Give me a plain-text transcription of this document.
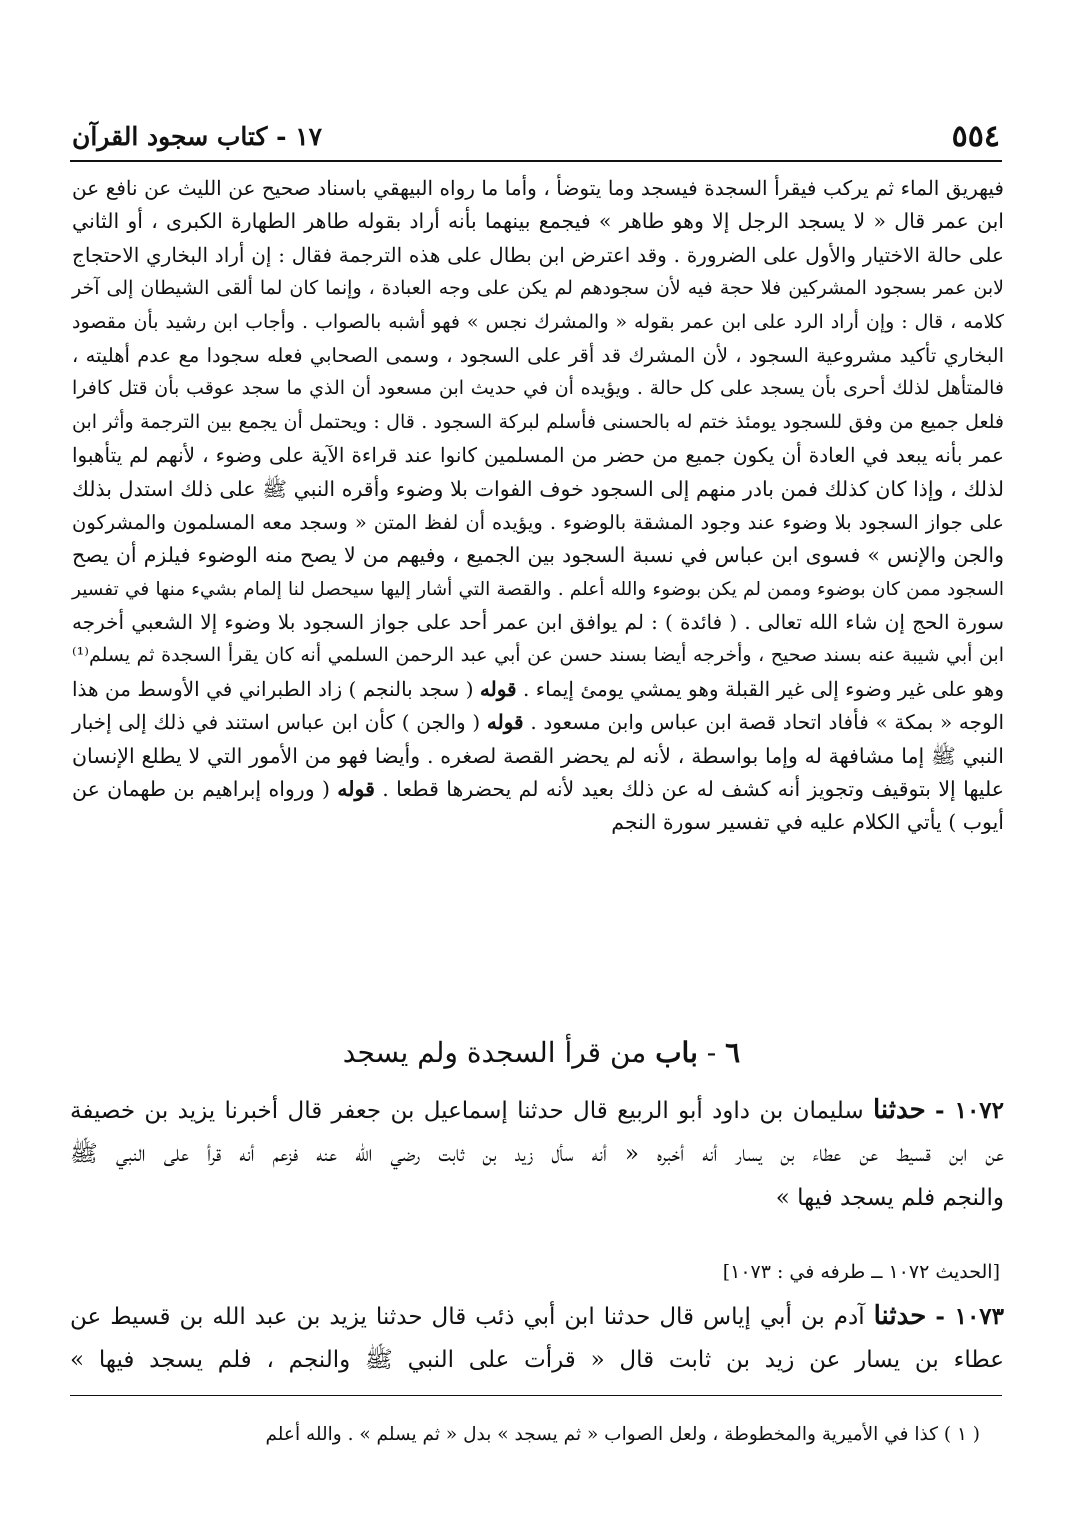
٥٥٤
١٧ - كتاب سجود القرآن
فيهريق الماء ثم يركب فيقرأ السجدة فيسجد وما يتوضأ ، وأما ما رواه البيهقي باسناد صحيح عن الليث عن نافع عن
ابن عمر قال « لا يسجد الرجل إلا وهو طاهر » فيجمع بينهما بأنه أراد بقوله طاهر الطهارة الكبرى ، أو الثاني
على حالة الاختيار والأول على الضرورة . وقد اعترض ابن بطال على هذه الترجمة فقال : إن أراد البخاري الاحتجاج
لابن عمر بسجود المشركين فلا حجة فيه لأن سجودهم لم يكن على وجه العبادة ، وإنما كان لما ألقى الشيطان إلى آخر
كلامه ، قال : وإن أراد الرد على ابن عمر بقوله « والمشرك نجس » فهو أشبه بالصواب . وأجاب ابن رشيد بأن مقصود
البخاري تأكيد مشروعية السجود ، لأن المشرك قد أقر على السجود ، وسمى الصحابي فعله سجودا مع عدم أهليته ،
فالمتأهل لذلك أحرى بأن يسجد على كل حالة . ويؤيده أن في حديث ابن مسعود أن الذي ما سجد عوقب بأن قتل كافرا
فلعل جميع من وفق للسجود يومئذ ختم له بالحسنى فأسلم لبركة السجود . قال : ويحتمل أن يجمع بين الترجمة وأثر ابن
عمر بأنه يبعد في العادة أن يكون جميع من حضر من المسلمين كانوا عند قراءة الآية على وضوء ، لأنهم لم يتأهبوا
لذلك ، وإذا كان كذلك فمن بادر منهم إلى السجود خوف الفوات بلا وضوء وأقره النبي ﷺ على ذلك استدل بذلك
على جواز السجود بلا وضوء عند وجود المشقة بالوضوء . ويؤيده أن لفظ المتن « وسجد معه المسلمون والمشركون
والجن والإنس » فسوى ابن عباس في نسبة السجود بين الجميع ، وفيهم من لا يصح منه الوضوء فيلزم أن يصح
السجود ممن كان بوضوء وممن لم يكن بوضوء والله أعلم . والقصة التي أشار إليها سيحصل لنا إلمام بشيء منها في تفسير
سورة الحج إن شاء الله تعالى . ( فائدة ) : لم يوافق ابن عمر أحد على جواز السجود بلا وضوء إلا الشعبي أخرجه
ابن أبي شيبة عنه بسند صحيح ، وأخرجه أيضا بسند حسن عن أبي عبد الرحمن السلمي أنه كان يقرأ السجدة ثم يسلم⁽¹⁾
وهو على غير وضوء إلى غير القبلة وهو يمشي يومئ إيماء . قوله ( سجد بالنجم ) زاد الطبراني في الأوسط من هذا
الوجه « بمكة » فأفاد اتحاد قصة ابن عباس وابن مسعود . قوله ( والجن ) كأن ابن عباس استند في ذلك إلى إخبار
النبي ﷺ إما مشافهة له وإما بواسطة ، لأنه لم يحضر القصة لصغره . وأيضا فهو من الأمور التي لا يطلع الإنسان
عليها إلا بتوقيف وتجويز أنه كشف له عن ذلك بعيد لأنه لم يحضرها قطعا . قوله ( ورواه إبراهيم بن طهمان عن
أيوب ) يأتي الكلام عليه في تفسير سورة النجم
٦ - باب من قرأ السجدة ولم يسجد
١٠٧٢ - حدثنا سليمان بن داود أبو الربيع قال حدثنا إسماعيل بن جعفر قال أخبرنا يزيد بن خصيفة
عن ابن قسيط عن عطاء بن يسار أنه أخبره « أنه سأل زيد بن ثابت رضي الله عنه فزعم أنه قرأ على النبي ﷺ
والنجم فلم يسجد فيها »
[الحديث ١٠٧٢ ــ طرفه في : ١٠٧٣]
١٠٧٣ - حدثنا آدم بن أبي إياس قال حدثنا ابن أبي ذئب قال حدثنا يزيد بن عبد الله بن قسيط عن
عطاء بن يسار عن زيد بن ثابت قال « قرأت على النبي ﷺ والنجم ، فلم يسجد فيها »
( ١ ) كذا في الأميرية والمخطوطة ، ولعل الصواب « ثم يسجد » بدل « ثم يسلم » . والله أعلم
